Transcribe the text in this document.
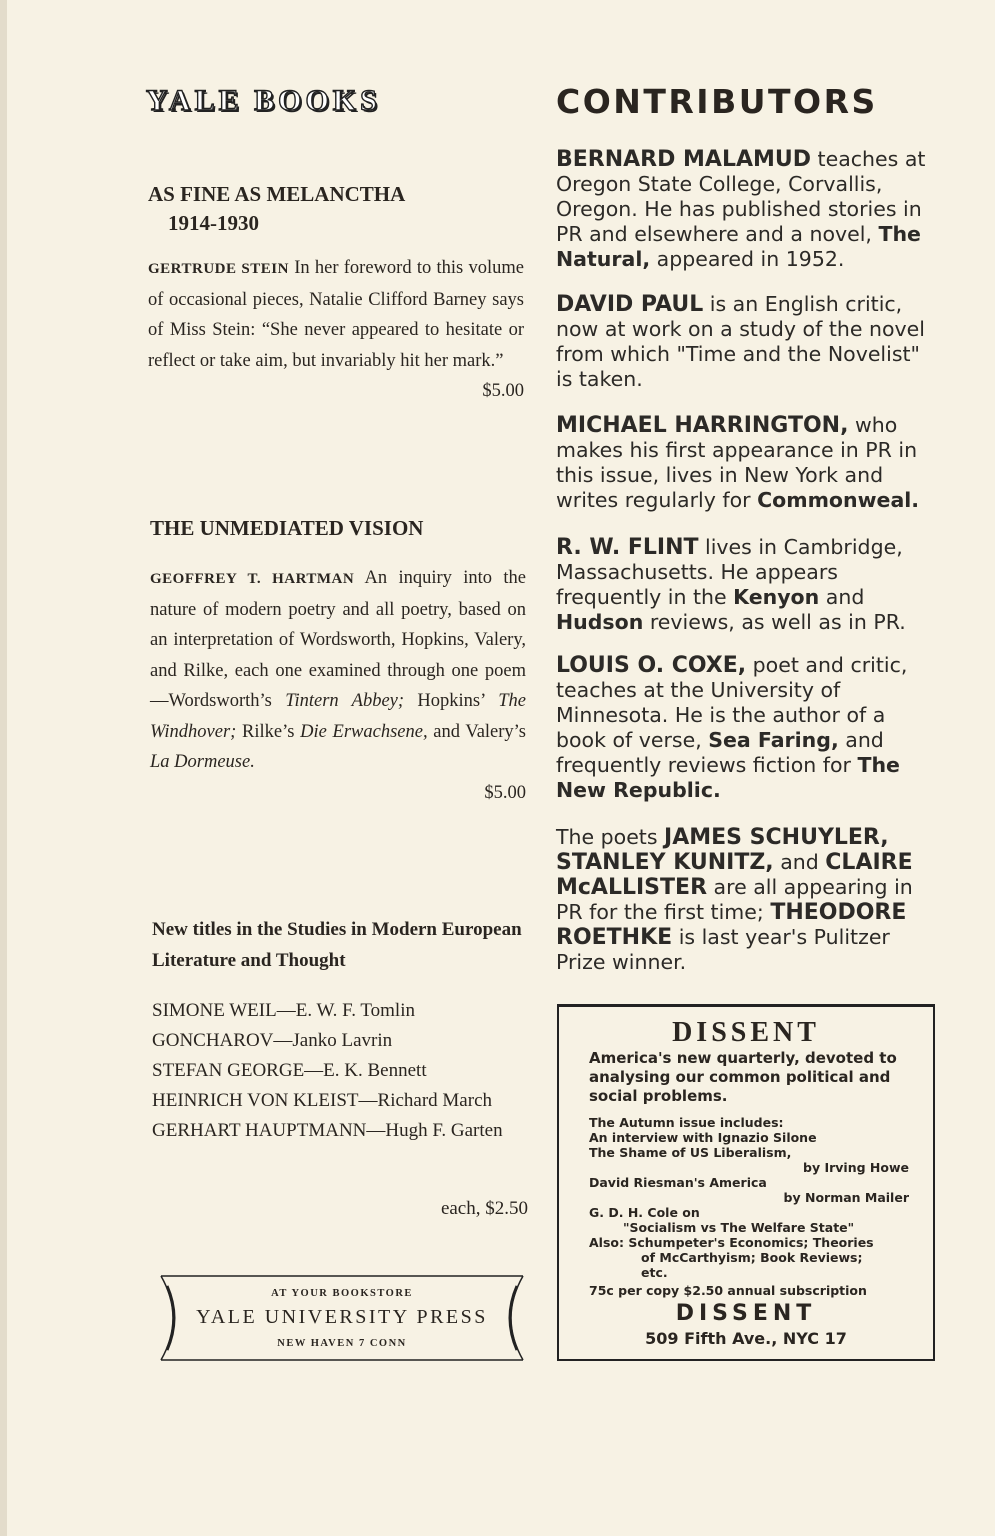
YALE BOOKS
AS FINE AS MELANCTHA
1914-1930
GERTRUDE STEIN In her foreword to this volume of occasional pieces, Natalie Clifford Barney says of Miss Stein: “She never appeared to hesitate or reflect or take aim, but invariably hit her mark.”
$5.00
THE UNMEDIATED VISION
GEOFFREY T. HARTMAN An inquiry into the nature of modern poetry and all poetry, based on an interpretation of Wordsworth, Hopkins, Valery, and Rilke, each one examined through one poem—Wordsworth’s Tintern Abbey; Hopkins’ The Windhover; Rilke’s Die Erwachsene, and Valery’s La Dormeuse.
$5.00
New titles in the Studies in Modern European Literature and Thought
SIMONE WEIL—E. W. F. Tomlin
GONCHAROV—Janko Lavrin
STEFAN GEORGE—E. K. Bennett
HEINRICH VON KLEIST—Richard March
GERHART HAUPTMANN—Hugh F. Garten
each, $2.50
AT YOUR BOOKSTORE
YALE UNIVERSITY PRESS
NEW HAVEN 7 CONN
CONTRIBUTORS
BERNARD MALAMUD teaches at Oregon State College, Corvallis, Oregon. He has published stories in PR and elsewhere and a novel, The Natural, appeared in 1952.
DAVID PAUL is an English critic, now at work on a study of the novel from which "Time and the Novelist" is taken.
MICHAEL HARRINGTON, who makes his first appearance in PR in this issue, lives in New York and writes regularly for Commonweal.
R. W. FLINT lives in Cambridge, Massachusetts. He appears frequently in the Kenyon and Hudson reviews, as well as in PR.
LOUIS O. COXE, poet and critic, teaches at the University of Minnesota. He is the author of a book of verse, Sea Faring, and frequently reviews fiction for The New Republic.
The poets JAMES SCHUYLER, STANLEY KUNITZ, and CLAIRE McALLISTER are all appearing in PR for the first time; THEODORE ROETHKE is last year's Pulitzer Prize winner.
DISSENT
America's new quarterly, devoted to analysing our common political and social problems.
The Autumn issue includes:
An interview with Ignazio Silone
The Shame of US Liberalism,
by Irving Howe
David Riesman's America
by Norman Mailer
G. D. H. Cole on
"Socialism vs The Welfare State"
Also: Schumpeter's Economics; Theories
of McCarthyism; Book Reviews;
etc.
75c per copy $2.50 annual subscription
DISSENT
509 Fifth Ave., NYC 17
